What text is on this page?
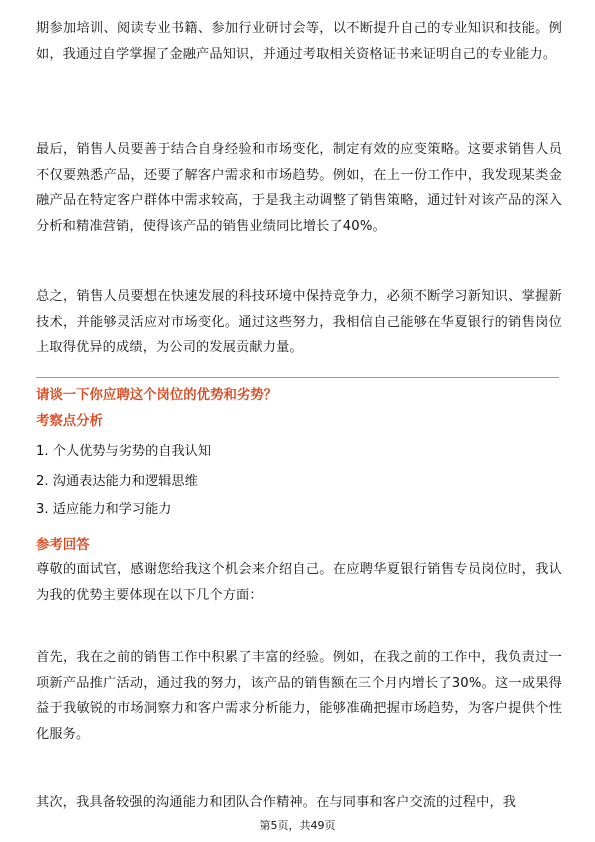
期参加培训、阅读专业书籍、参加行业研讨会等，以不断提升自己的专业知识和技能。例如，我通过自学掌握了金融产品知识，并通过考取相关资格证书来证明自己的专业能力。

最后，销售人员要善于结合自身经验和市场变化，制定有效的应变策略。这要求销售人员不仅要熟悉产品，还要了解客户需求和市场趋势。例如，在上一份工作中，我发现某类金融产品在特定客户群体中需求较高，于是我主动调整了销售策略，通过针对该产品的深入分析和精准营销，使得该产品的销售业绩同比增长了40%。

总之，销售人员要想在快速发展的科技环境中保持竞争力，必须不断学习新知识、掌握新技术，并能够灵活应对市场变化。通过这些努力，我相信自己能够在华夏银行的销售岗位上取得优异的成绩，为公司的发展贡献力量。

请谈一下你应聘这个岗位的优势和劣势？
考察点分析
1. 个人优势与劣势的自我认知
2. 沟通表达能力和逻辑思维
3. 适应能力和学习能力
参考回答

尊敬的面试官，感谢您给我这个机会来介绍自己。在应聘华夏银行销售专员岗位时，我认为我的优势主要体现在以下几个方面：

首先，我在之前的销售工作中积累了丰富的经验。例如，在我之前的工作中，我负责过一项新产品推广活动，通过我的努力，该产品的销售额在三个月内增长了30%。这一成果得益于我敏锐的市场洞察力和客户需求分析能力，能够准确把握市场趋势，为客户提供个性化服务。

其次，我具备较强的沟通能力和团队合作精神。在与同事和客户交流的过程中，我

第5页，共49页
